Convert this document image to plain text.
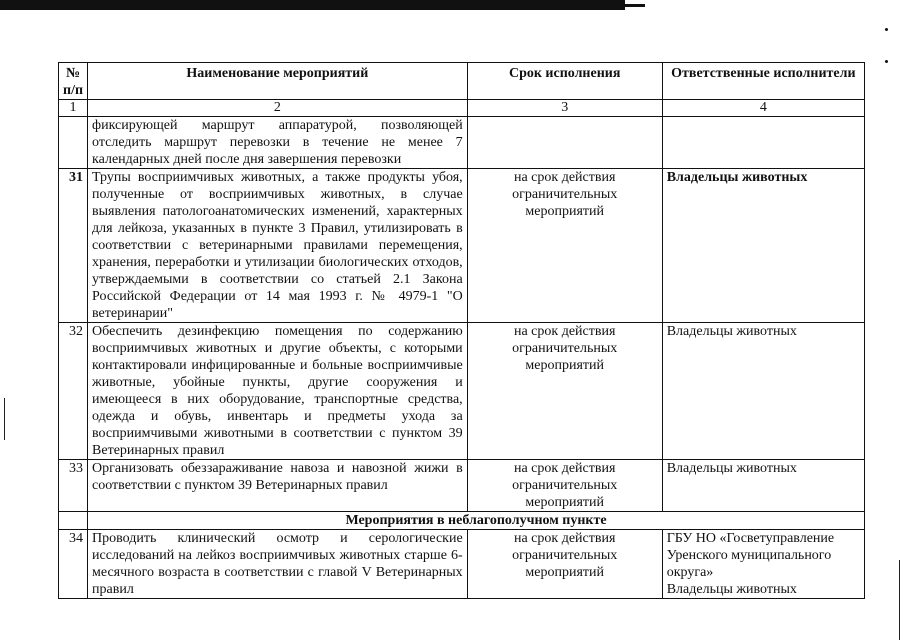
№ п/п	Наименование мероприятий	Срок исполнения	Ответственные исполнители
1	2	3	4
	фиксирующей маршрут аппаратурой, позволяющей отследить маршрут перевозки в течение не менее 7 календарных дней после дня завершения перевозки		
31	Трупы восприимчивых животных, а также продукты убоя, полученные от восприимчивых животных, в случае выявления патологоанатомических изменений, характерных для лейкоза, указанных в пункте 3 Правил, утилизировать в соответствии с ветеринарными правилами перемещения, хранения, переработки и утилизации биологических отходов, утверждаемыми в соответствии со статьей 2.1 Закона Российской Федерации от 14 мая 1993 г. № 4979-1 "О ветеринарии"	на срок действия ограничительных мероприятий	Владельцы животных
32	Обеспечить дезинфекцию помещения по содержанию восприимчивых животных и другие объекты, с которыми контактировали инфицированные и больные восприимчивые животные, убойные пункты, другие сооружения и имеющееся в них оборудование, транспортные средства, одежда и обувь, инвентарь и предметы ухода за восприимчивыми животными в соответствии с пунктом 39 Ветеринарных правил	на срок действия ограничительных мероприятий	Владельцы животных
33	Организовать обеззараживание навоза и навозной жижи в соответствии с пунктом 39 Ветеринарных правил	на срок действия ограничительных мероприятий	Владельцы животных
	Мероприятия в неблагополучном пункте		
34	Проводить клинический осмотр и серологические исследований на лейкоз восприимчивых животных старше 6-месячного возраста в соответствии с главой V Ветеринарных правил	на срок действия ограничительных мероприятий	ГБУ НО «Госветуправление Уренского муниципального округа»
Владельцы животных
